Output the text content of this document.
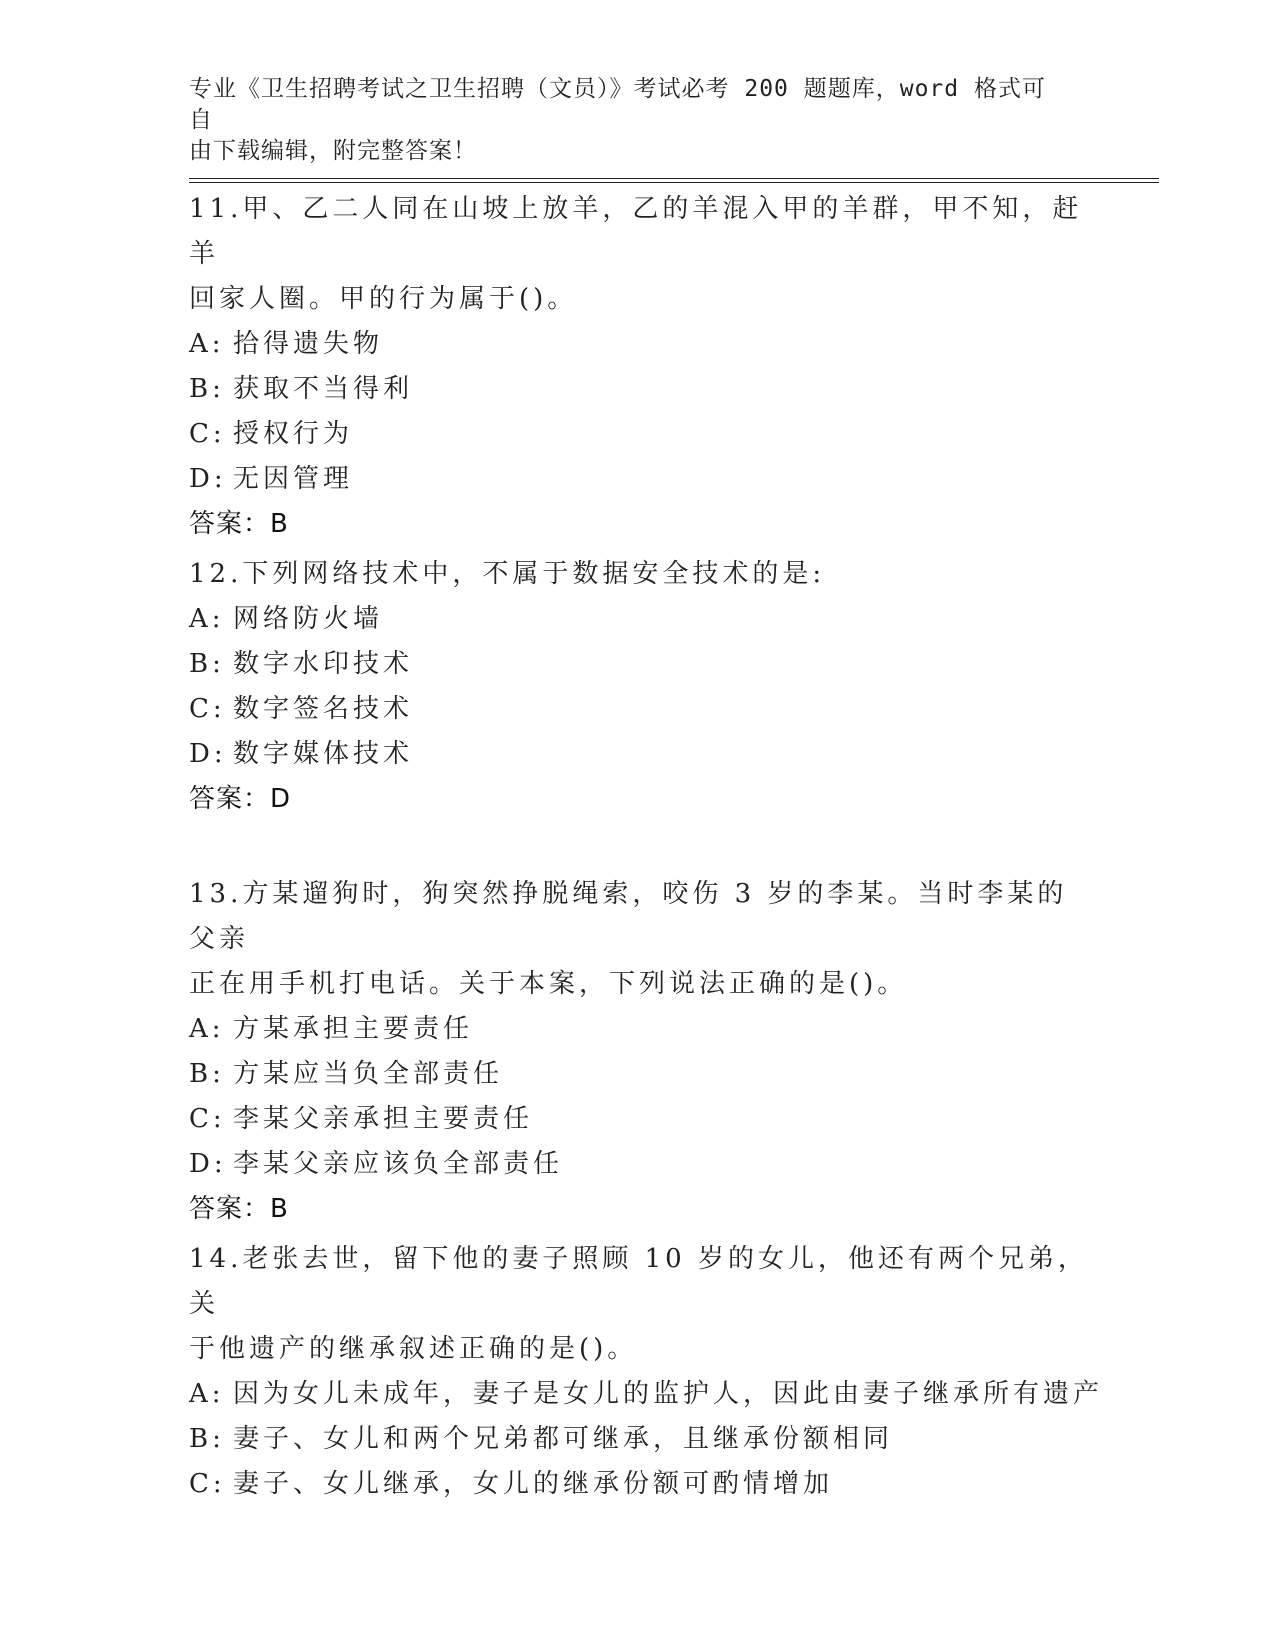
专业《卫生招聘考试之卫生招聘（文员）》考试必考 200 题题库，word 格式可自
由下载编辑，附完整答案！
11.甲、乙二人同在山坡上放羊，乙的羊混入甲的羊群，甲不知，赶羊
回家人圈。甲的行为属于()。
A: 拾得遗失物
B: 获取不当得利
C: 授权行为
D: 无因管理
答案：B
12.下列网络技术中，不属于数据安全技术的是:
A: 网络防火墙
B: 数字水印技术
C: 数字签名技术
D: 数字媒体技术
答案：D
13.方某遛狗时，狗突然挣脱绳索，咬伤 3 岁的李某。当时李某的父亲
正在用手机打电话。关于本案，下列说法正确的是()。
A: 方某承担主要责任
B: 方某应当负全部责任
C: 李某父亲承担主要责任
D: 李某父亲应该负全部责任
答案：B
14.老张去世，留下他的妻子照顾 10 岁的女儿，他还有两个兄弟，关
于他遗产的继承叙述正确的是()。
A: 因为女儿未成年，妻子是女儿的监护人，因此由妻子继承所有遗产
B: 妻子、女儿和两个兄弟都可继承，且继承份额相同
C: 妻子、女儿继承，女儿的继承份额可酌情增加
